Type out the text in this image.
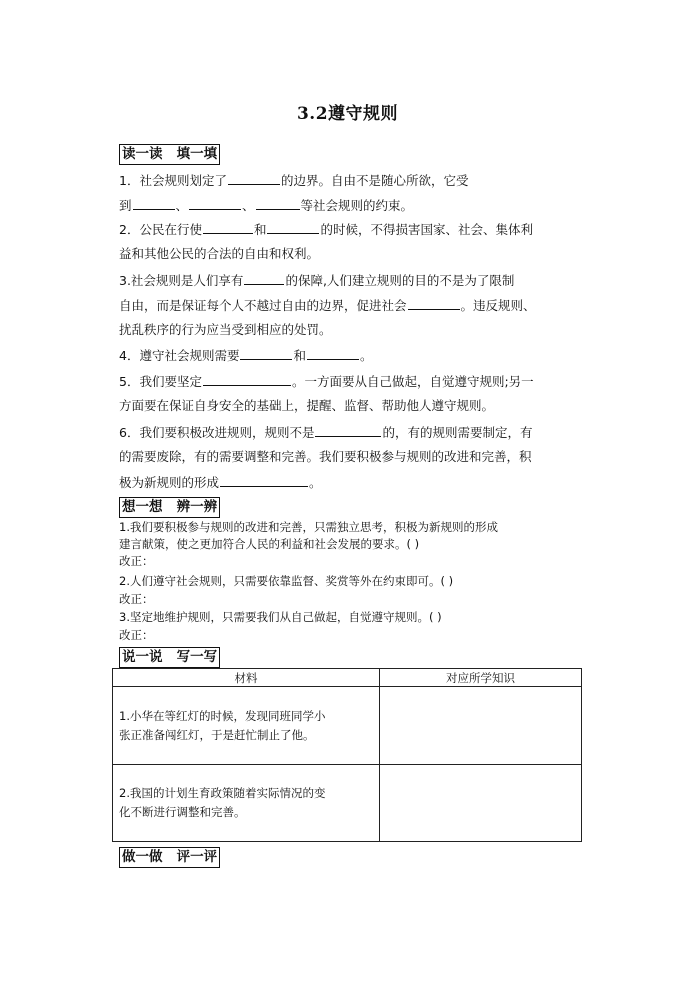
3.2遵守规则
读一读   填一填
1．社会规则划定了	的边界。自由不是随心所欲，它受
到	、	、	等社会规则的约束。
2．公民在行使	和	的时候，不得损害国家、社会、集体利
益和其他公民的合法的自由和权利。
3.社会规则是人们享有	的保障,人们建立规则的目的不是为了限制
自由，而是保证每个人不越过自由的边界，促进社会	。违反规则、
扰乱秩序的行为应当受到相应的处罚。
4．遵守社会规则需要	和	。
5．我们要坚定	。一方面要从自己做起，自觉遵守规则;另一
方面要在保证自身安全的基础上，提醒、监督、帮助他人遵守规则。
6．我们要积极改进规则，规则不是	的，有的规则需要制定，有
的需要废除，有的需要调整和完善。我们要积极参与规则的改进和完善，积
极为新规则的形成	。
想一想   辨一辨
1.我们要积极参与规则的改进和完善，只需独立思考，积极为新规则的形成
建言献策，使之更加符合人民的利益和社会发展的要求。( )
改正：
2.人们遵守社会规则，只需要依靠监督、奖赏等外在约束即可。( )
改正：
3.坚定地维护规则，只需要我们从自己做起，自觉遵守规则。( )
改正：
说一说   写一写
材料	对应所学知识

1.小华在等红灯的时候，发现同班同学小
张正准备闯红灯，于是赶忙制止了他。	

2.我国的计划生育政策随着实际情况的变
化不断进行调整和完善。	

做一做   评一评
